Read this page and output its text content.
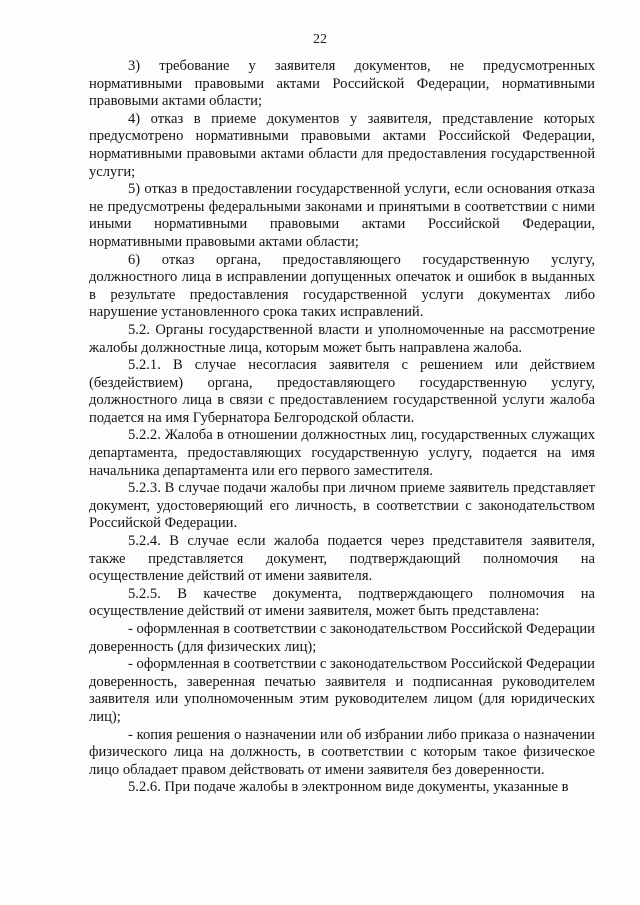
22

3) требование у заявителя документов, не предусмотренных нормативными правовыми актами Российской Федерации, нормативными правовыми актами области;

4) отказ в приеме документов у заявителя, представление которых предусмотрено нормативными правовыми актами Российской Федерации, нормативными правовыми актами области для предоставления государственной услуги;

5) отказ в предоставлении государственной услуги, если основания отказа не предусмотрены федеральными законами и принятыми в соответствии с ними иными нормативными правовыми актами Российской Федерации, нормативными правовыми актами области;

6) отказ органа, предоставляющего государственную услугу, должностного лица в исправлении допущенных опечаток и ошибок в выданных в результате предоставления государственной услуги документах либо нарушение установленного срока таких исправлений.

5.2. Органы государственной власти и уполномоченные на рассмотрение жалобы должностные лица, которым может быть направлена жалоба.

5.2.1. В случае несогласия заявителя с решением или действием (бездействием) органа, предоставляющего государственную услугу, должностного лица в связи с предоставлением государственной услуги жалоба подается на имя Губернатора Белгородской области.

5.2.2. Жалоба в отношении должностных лиц, государственных служащих департамента, предоставляющих государственную услугу, подается на имя начальника департамента или его первого заместителя.

5.2.3. В случае подачи жалобы при личном приеме заявитель представляет документ, удостоверяющий его личность, в соответствии с законодательством Российской Федерации.

5.2.4. В случае если жалоба подается через представителя заявителя, также представляется документ, подтверждающий полномочия на осуществление действий от имени заявителя.

5.2.5. В качестве документа, подтверждающего полномочия на осуществление действий от имени заявителя, может быть представлена:

- оформленная в соответствии с законодательством Российской Федерации доверенность (для физических лиц);

- оформленная в соответствии с законодательством Российской Федерации доверенность, заверенная печатью заявителя и подписанная руководителем заявителя или уполномоченным этим руководителем лицом (для юридических лиц);

- копия решения о назначении или об избрании либо приказа о назначении физического лица на должность, в соответствии с которым такое физическое лицо обладает правом действовать от имени заявителя без доверенности.

5.2.6. При подаче жалобы в электронном виде документы, указанные в
